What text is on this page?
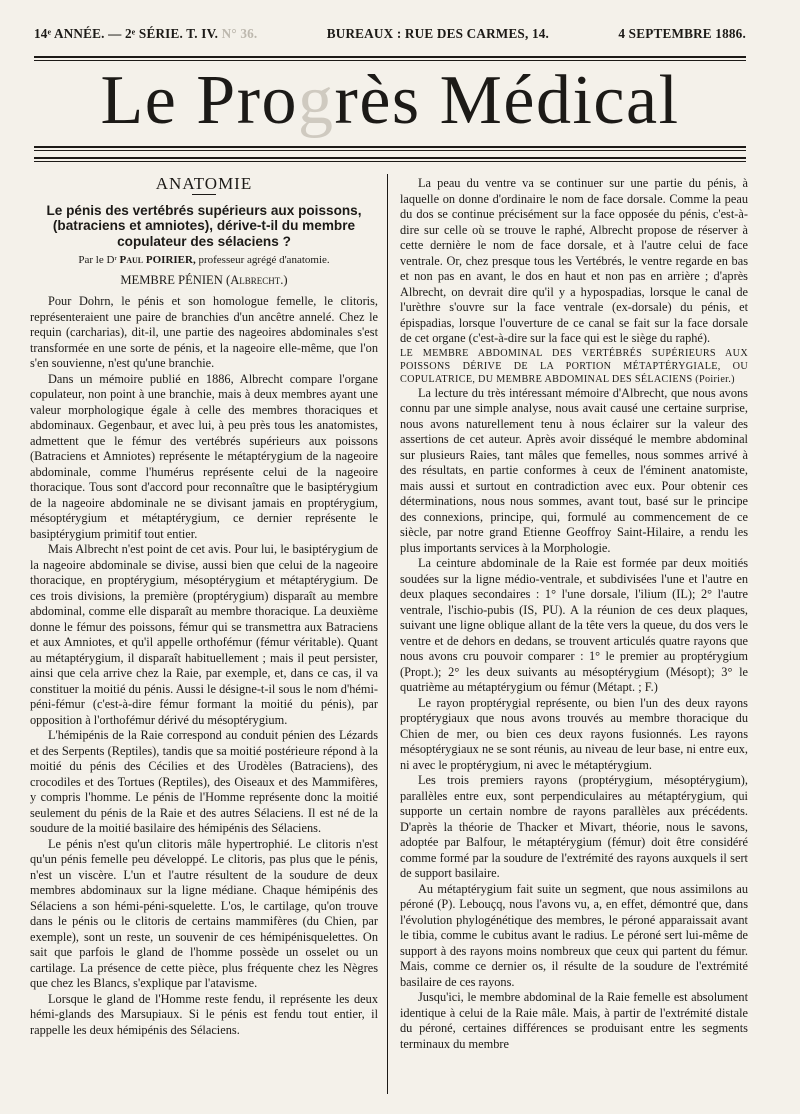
14ᵉ ANNÉE. — 2ᵉ SÉRIE. T. IV. N° 36.	BUREAUX : RUE DES CARMES, 14.	4 SEPTEMBRE 1886.
Le Progrès Médical
ANATOMIE
Le pénis des vertébrés supérieurs aux poissons, (batraciens et amniotes), dérive-t-il du membre copulateur des sélaciens ?
Par le Dʳ Paul POIRIER, professeur agrégé d'anatomie.
MEMBRE PÉNIEN (Albrecht.)

Pour Dohrn, le pénis et son homologue femelle, le clitoris, représenteraient une paire de branchies d'un ancêtre annelé. Chez le requin (carcharias), dit-il, une partie des nageoires abdominales s'est transformée en une sorte de pénis, et la nageoire elle-même, que l'on s'en souvienne, n'est qu'une branchie.

Dans un mémoire publié en 1886, Albrecht compare l'organe copulateur, non point à une branchie, mais à deux membres ayant une valeur morphologique égale à celle des membres thoraciques et abdominaux. Gegenbaur, et avec lui, à peu près tous les anatomistes, admettent que le fémur des vertébrés supérieurs aux poissons (Batraciens et Amniotes) représente le métaptérygium de la nageoire abdominale, comme l'humérus représente celui de la nageoire thoracique. Tous sont d'accord pour reconnaître que le basiptérygium de la nageoire abdominale ne se divisant jamais en proptérygium, mésoptérygium et métaptérygium, ce dernier représente le basiptérygium primitif tout entier.

Mais Albrecht n'est point de cet avis. Pour lui, le basiptérygium de la nageoire abdominale se divise, aussi bien que celui de la nageoire thoracique, en proptérygium, mésoptérygium et métaptérygium. De ces trois divisions, la première (proptérygium) disparaît au membre abdominal, comme elle disparaît au membre thoracique. La deuxième donne le fémur des poissons, fémur qui se transmettra aux Batraciens et aux Amniotes, et qu'il appelle orthofémur (fémur véritable). Quant au métaptérygium, il disparaît habituellement ; mais il peut persister, ainsi que cela arrive chez la Raie, par exemple, et, dans ce cas, il va constituer la moitié du pénis. Aussi le désigne-t-il sous le nom d'hémi-péni-fémur (c'est-à-dire fémur formant la moitié du pénis), par opposition à l'orthofémur dérivé du mésoptérygium.

L'hémipénis de la Raie correspond au conduit pénien des Lézards et des Serpents (Reptiles), tandis que sa moitié postérieure répond à la moitié du pénis des Cécilies et des Urodèles (Batraciens), des crocodiles et des Tortues (Reptiles), des Oiseaux et des Mammifères, y compris l'homme. Le pénis de l'Homme représente donc la moitié seulement du pénis de la Raie et des autres Sélaciens. Il est né de la soudure de la moitié basilaire des hémipénis des Sélaciens.

Le pénis n'est qu'un clitoris mâle hypertrophié. Le clitoris n'est qu'un pénis femelle peu développé. Le clitoris, pas plus que le pénis, n'est un viscère. L'un et l'autre résultent de la soudure de deux membres abdominaux sur la ligne médiane. Chaque hémipénis des Sélaciens a son hémi-péni-squelette. L'os, le cartilage, qu'on trouve dans le pénis ou le clitoris de certains mammifères (du Chien, par exemple), sont un reste, un souvenir de ces hémipénisquelettes. On sait que parfois le gland de l'homme possède un osselet ou un cartilage. La présence de cette pièce, plus fréquente chez les Nègres que chez les Blancs, s'explique par l'atavisme.

Lorsque le gland de l'Homme reste fendu, il représente les deux hémi-glands des Marsupiaux. Si le pénis est fendu tout entier, il rappelle les deux hémipénis des Sélaciens.

La peau du ventre va se continuer sur une partie du pénis, à laquelle on donne d'ordinaire le nom de face dorsale. Comme la peau du dos se continue précisément sur la face opposée du pénis, c'est-à-dire sur celle où se trouve le raphé, Albrecht propose de réserver à cette dernière le nom de face dorsale, et à l'autre celui de face ventrale. Or, chez presque tous les Vertébrés, le ventre regarde en bas et non pas en avant, le dos en haut et non pas en arrière ; d'après Albrecht, on devrait dire qu'il y a hypospadias, lorsque le canal de l'urèthre s'ouvre sur la face ventrale (ex-dorsale) du pénis, et épispadias, lorsque l'ouverture de ce canal se fait sur la face dorsale de cet organe (c'est-à-dire sur la face qui est le siège du raphé).

LE MEMBRE ABDOMINAL DES VERTÉBRÉS SUPÉRIEURS AUX POISSONS DÉRIVE DE LA PORTION MÉTAPTÉRYGIALE, OU COPULATRICE, DU MEMBRE ABDOMINAL DES SÉLACIENS (Poirier.)

La lecture du très intéressant mémoire d'Albrecht, que nous avons connu par une simple analyse, nous avait causé une certaine surprise, nous avons naturellement tenu à nous éclairer sur la valeur des assertions de cet auteur. Après avoir disséqué le membre abdominal sur plusieurs Raies, tant mâles que femelles, nous sommes arrivé à des résultats, en partie conformes à ceux de l'éminent anatomiste, mais aussi et surtout en contradiction avec eux. Pour obtenir ces déterminations, nous nous sommes, avant tout, basé sur le principe des connexions, principe, qui, formulé au commencement de ce siècle, par notre grand Etienne Geoffroy Saint-Hilaire, a rendu les plus importants services à la Morphologie.

La ceinture abdominale de la Raie est formée par deux moitiés soudées sur la ligne médio-ventrale, et subdivisées l'une et l'autre en deux plaques secondaires : 1° l'une dorsale, l'ilium (IL); 2° l'autre ventrale, l'ischio-pubis (IS, PU). A la réunion de ces deux plaques, suivant une ligne oblique allant de la tête vers la queue, du dos vers le ventre et de dehors en dedans, se trouvent articulés quatre rayons que nous avons cru pouvoir comparer : 1° le premier au proptérygium (Propt.); 2° les deux suivants au mésoptérygium (Mésopt); 3° le quatrième au métaptérygium ou fémur (Métapt. ; F.)

Le rayon proptérygial représente, ou bien l'un des deux rayons proptérygiaux que nous avons trouvés au membre thoracique du Chien de mer, ou bien ces deux rayons fusionnés. Les rayons mésoptérygiaux ne se sont réunis, au niveau de leur base, ni entre eux, ni avec le proptérygium, ni avec le métaptérygium.

Les trois premiers rayons (proptérygium, mésoptérygium), parallèles entre eux, sont perpendiculaires au métaptérygium, qui supporte un certain nombre de rayons parallèles aux précédents. D'après la théorie de Thacker et Mivart, théorie, nous le savons, adoptée par Balfour, le métaptérygium (fémur) doit être considéré comme formé par la soudure de l'extrémité des rayons auxquels il sert de support basilaire.

Au métaptérygium fait suite un segment, que nous assimilons au péroné (P). Lebouçq, nous l'avons vu, a, en effet, démontré que, dans l'évolution phylogénétique des membres, le péroné apparaissait avant le tibia, comme le cubitus avant le radius. Le péroné sert lui-même de support à des rayons moins nombreux que ceux qui partent du fémur. Mais, comme ce dernier os, il résulte de la soudure de l'extrémité basilaire de ces rayons.

Jusqu'ici, le membre abdominal de la Raie femelle est absolument identique à celui de la Raie mâle. Mais, à partir de l'extrémité distale du péroné, certaines différences se produisant entre les segments terminaux du membre
